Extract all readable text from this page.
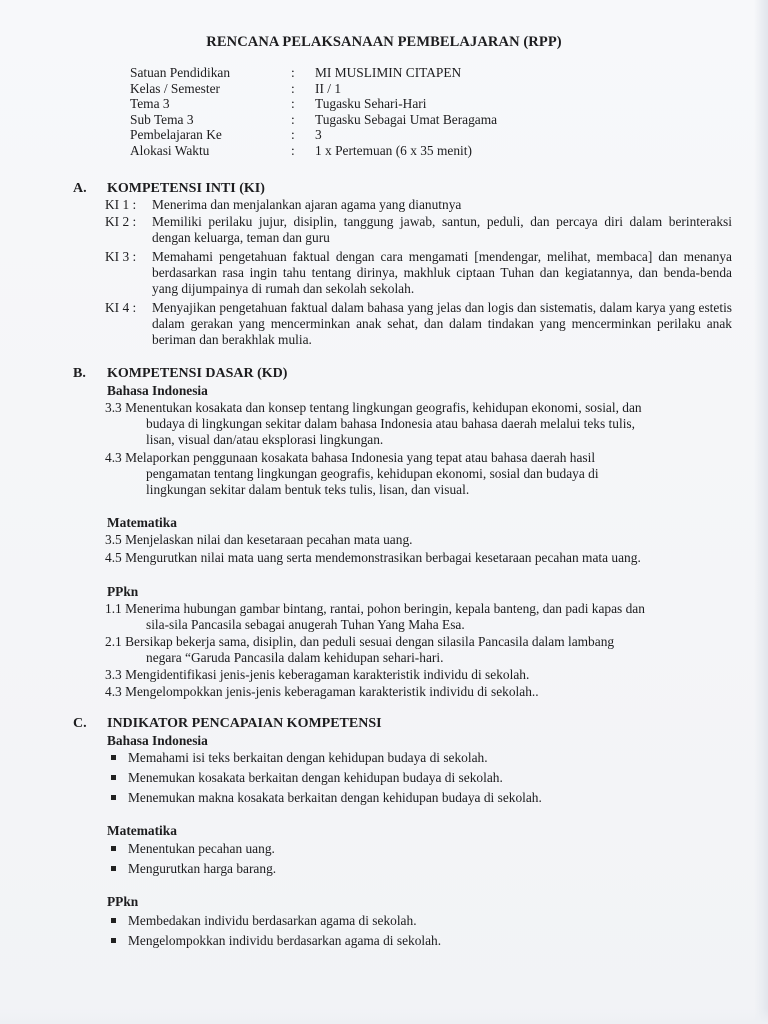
RENCANA PELAKSANAAN PEMBELAJARAN (RPP)
Satuan Pendidikan	: MI MUSLIMIN CITAPEN
Kelas / Semester	: II / 1
Tema 3	: Tugasku Sehari-Hari
Sub Tema 3	: Tugasku Sebagai Umat Beragama
Pembelajaran Ke	: 3
Alokasi Waktu	: 1 x Pertemuan (6 x 35 menit)
A. KOMPETENSI INTI (KI)
KI 1 : Menerima dan menjalankan ajaran agama yang dianutnya
KI 2 : Memiliki perilaku jujur, disiplin, tanggung jawab, santun, peduli, dan percaya diri dalam berinteraksi dengan keluarga, teman dan guru
KI 3 : Memahami pengetahuan faktual dengan cara mengamati [mendengar, melihat, membaca] dan menanya berdasarkan rasa ingin tahu tentang dirinya, makhluk ciptaan Tuhan dan kegiatannya, dan benda-benda yang dijumpainya di rumah dan sekolah sekolah.
KI 4 : Menyajikan pengetahuan faktual dalam bahasa yang jelas dan logis dan sistematis, dalam karya yang estetis dalam gerakan yang mencerminkan anak sehat, dan dalam tindakan yang mencerminkan perilaku anak beriman dan berakhlak mulia.
B. KOMPETENSI DASAR (KD)
Bahasa Indonesia
3.3 Menentukan kosakata dan konsep tentang lingkungan geografis, kehidupan ekonomi, sosial, dan
budaya di lingkungan sekitar dalam bahasa Indonesia atau bahasa daerah melalui teks tulis,
lisan, visual dan/atau eksplorasi lingkungan.
4.3 Melaporkan penggunaan kosakata bahasa Indonesia yang tepat atau bahasa daerah hasil
pengamatan tentang lingkungan geografis, kehidupan ekonomi, sosial dan budaya di
lingkungan sekitar dalam bentuk teks tulis, lisan, dan visual.
Matematika
3.5 Menjelaskan nilai dan kesetaraan pecahan mata uang.
4.5 Mengurutkan nilai mata uang serta mendemonstrasikan berbagai kesetaraan pecahan mata uang.
PPkn
1.1 Menerima hubungan gambar bintang, rantai, pohon beringin, kepala banteng, dan padi kapas dan
sila-sila Pancasila sebagai anugerah Tuhan Yang Maha Esa.
2.1 Bersikap bekerja sama, disiplin, dan peduli sesuai dengan silasila Pancasila dalam lambang
negara “Garuda Pancasila dalam kehidupan sehari-hari.
3.3 Mengidentifikasi jenis-jenis keberagaman karakteristik individu di sekolah.
4.3 Mengelompokkan jenis-jenis keberagaman karakteristik individu di sekolah..
C. INDIKATOR PENCAPAIAN KOMPETENSI
Bahasa Indonesia
Memahami isi teks berkaitan dengan kehidupan budaya di sekolah.
Menemukan kosakata berkaitan dengan kehidupan budaya di sekolah.
Menemukan makna kosakata berkaitan dengan kehidupan budaya di sekolah.
Matematika
Menentukan pecahan uang.
Mengurutkan harga barang.
PPkn
Membedakan individu berdasarkan agama di sekolah.
Mengelompokkan individu berdasarkan agama di sekolah.
